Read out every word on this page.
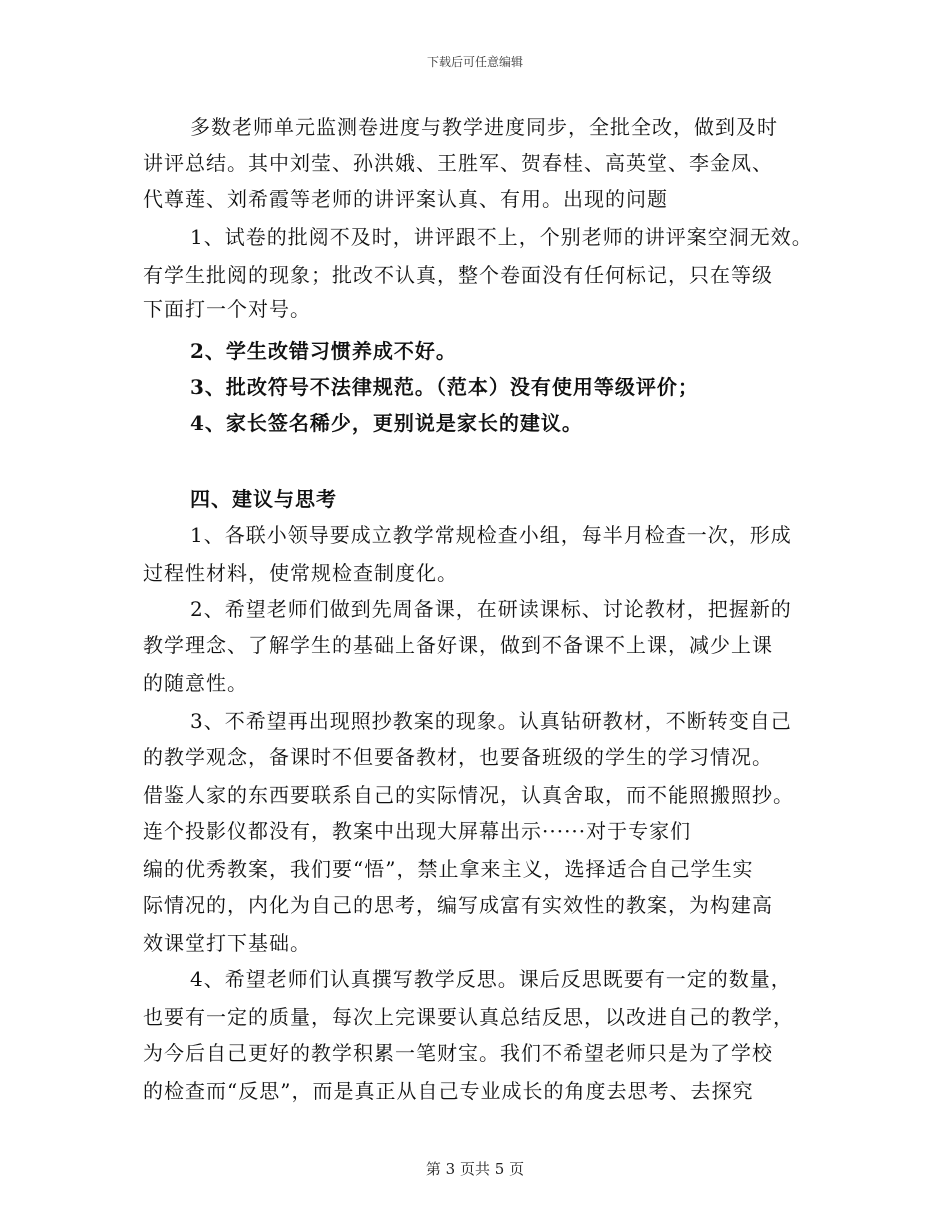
下载后可任意编辑
多数老师单元监测卷进度与教学进度同步，全批全改，做到及时
讲评总结。其中刘莹、孙洪娥、王胜军、贺春桂、高英堂、李金凤、
代尊莲、刘希霞等老师的讲评案认真、有用。出现的问题
1、试卷的批阅不及时，讲评跟不上，个别老师的讲评案空洞无效。
有学生批阅的现象；批改不认真，整个卷面没有任何标记，只在等级
下面打一个对号。
2、学生改错习惯养成不好。
3、批改符号不法律规范。（范本）没有使用等级评价；
4、家长签名稀少，更别说是家长的建议。
四、建议与思考
1、各联小领导要成立教学常规检查小组，每半月检查一次，形成
过程性材料，使常规检查制度化。
2、希望老师们做到先周备课，在研读课标、讨论教材，把握新的
教学理念、了解学生的基础上备好课，做到不备课不上课，减少上课
的随意性。
3、不希望再出现照抄教案的现象。认真钻研教材，不断转变自己
的教学观念，备课时不但要备教材，也要备班级的学生的学习情况。
借鉴人家的东西要联系自己的实际情况，认真舍取，而不能照搬照抄。
连个投影仪都没有，教案中出现大屏幕出示······对于专家们
编的优秀教案，我们要“悟”，禁止拿来主义，选择适合自己学生实
际情况的，内化为自己的思考，编写成富有实效性的教案，为构建高
效课堂打下基础。
4、希望老师们认真撰写教学反思。课后反思既要有一定的数量，
也要有一定的质量，每次上完课要认真总结反思，以改进自己的教学，
为今后自己更好的教学积累一笔财宝。我们不希望老师只是为了学校
的检查而“反思”，而是真正从自己专业成长的角度去思考、去探究
第 3 页共 5 页
